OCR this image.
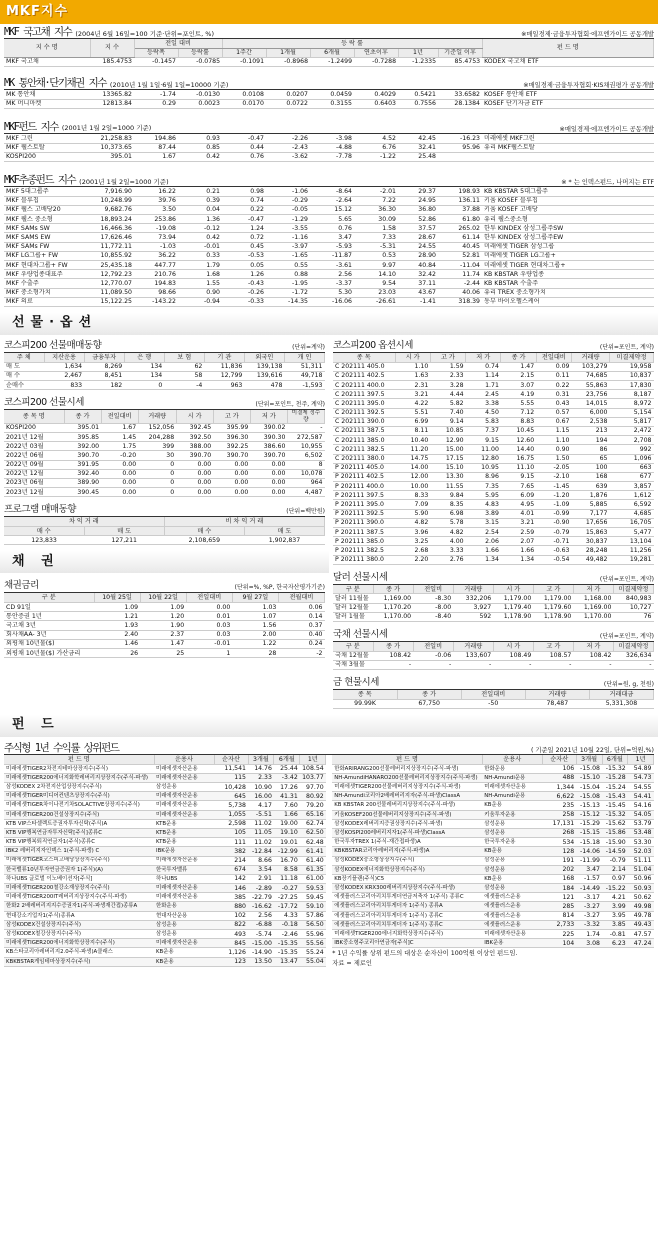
MKF지수
MKF 국고채 지수 (2004년 6월 16일=100 기준·단위=포인트, %)	※매일경제·금융투자협회·에프엔가이드 공동개발
지 수 명	지 수	전일 대비		등 락 률						펀 드 명
		등락폭	등락률	1주간	1개월	6개월	연초이후	1년	기준일 이후	
MKF 국고채	185.4753	-0.1457	-0.0785	-0.1091	-0.8968	-1.2499	-0.7288	-1.2335	85.4753	KODEX 국고채 ETF
MK 통안채·단기채권 지수 (2010년 1월 1일·6월 1일=10000 기준)	※매일경제·금융투자협회·KIS채권평가 공동개발
MK 통안채	13365.82	-1.74	-0.0130	0.0108	0.0207	0.0459	0.4029	0.5421	33.6582	KOSEF 통안채 ETF
MK 머니마켓	12813.84	0.29	0.0023	0.0170	0.0722	0.3155	0.6403	0.7556	28.1384	KOSEF 단기자금 ETF
MKF펀드 지수 (2001년 1월 2일=1000 기준)	※매일경제·에프엔가이드 공동개발
MKF 그린	21,258.83	194.86	0.93	-0.47	-2.26	-3.98	4.52	42.45	-16.23	미래에셋 MKF그린
MKF 웰스토탈	10,373.65	87.44	0.85	0.44	-2.43	-4.88	6.76	32.41	95.96	유리 MKF웰스토탈
KOSPI200	395.01	1.67	0.42	0.76	-3.62	-7.78	-1.22	25.48		
MKF추종펀드 지수 (2001년 1월 2일=1000 기준)	※ * 는 인덱스펀드, 나머지는 ETF
MKF 5대그룹주	7,916.90	16.22	0.21	0.98	-1.06	-8.64	-2.01	29.37	198.93	KB KBSTAR 5대그룹주
MKF 블루칩	10,248.99	39.76	0.39	0.74	-0.29	-2.64	7.22	24.95	136.11	키움 KOSEF 블루칩
MKF 웰스 고배당20	9,682.76	3.50	0.04	0.22	-0.05	15.12	36.30	36.80	37.88	키움 KOSEF 고배당
MKF 웰스 중소형	18,893.24	253.86	1.36	-0.47	-1.29	5.65	30.09	52.86	61.80	유리 웰스중소형
MKF SAMs SW	16,466.36	-19.08	-0.12	1.24	-3.55	0.76	1.58	37.57	265.02	한투 KINDEX 삼성그룹주SW
MKF SAMS EW	17,626.46	73.94	0.42	0.72	-1.16	3.47	7.33	28.67	61.14	한투 KINDEX 삼성그룹주EW
MKF SAMs FW	11,772.11	-1.03	-0.01	0.45	-3.97	-5.93	-5.31	24.55	40.45	미래에셋 TIGER 삼성그룹
MKF LG그룹+ FW	10,855.92	36.22	0.33	-0.53	-1.65	-11.87	0.53	28.90	52.81	미래에셋 TIGER LG그룹+
MKF 현대차그룹+ FW	25,435.18	447.77	1.79	0.05	0.55	-3.61	9.97	40.84	-11.04	미래에셋 TIGER 현대차그룹+
MKF 우량업종대표주	12,792.23	210.76	1.68	1.26	0.88	2.56	14.10	32.42	11.74	KB KBSTAR 우량업종
MKF 수출주	12,770.07	194.83	1.55	-0.43	-1.95	-3.37	9.54	37.11	-2.44	KB KBSTAR 수출주
MKF 중소형가치	11,089.50	98.66	0.90	-0.26	-1.72	5.30	23.03	43.67	40.06	유리 TREX 중소형가치
MKF 의료	15,122.25	-143.22	-0.94	-0.33	-14.35	-16.06	-26.61	-1.41	318.39	동부 바이오헬스케어
선물·옵션
코스피200 선물매매동향	(단위=계약)
주 체	지산운용	금융투자	은 행	보 험	기 관	외국인	개 인
매 도	1,634	8,269	134	62	11,836	139,138	51,311
매 수	2,467	8,451	134	58	12,799	139,616	49,718
순매수	833	182	0	-4	963	478	-1,593
코스피200 선물시세	(단위=포인트, 천주, 계약)
종 목 명	종 가	전일대비	거래량	시 가	고 가	저 가	미결제 정수량
KOSPI200	395.01	1.67	152,056	392.45	395.99	390.02	-
2021년 12월	395.85	1.45	204,288	392.50	396.30	390.30	272,587
2022년 03월	392.00	1.75	399	388.00	392.25	386.60	10,955
2022년 06월	390.70	-0.20	30	390.70	390.70	390.70	6,502
2022년 09월	391.95	0.00	0	0.00	0.00	0.00	8
2022년 12월	392.40	0.00	0	0.00	0.00	0.00	10,078
2023년 06월	389.90	0.00	0	0.00	0.00	0.00	964
2023년 12월	390.45	0.00	0	0.00	0.00	0.00	4,487
프로그램 매매동향	(단위=백만원)
차 익 거 래		비 차 익 거 래	
매 수	매 도	매 수	매 도
123,833	127,211	2,108,659	1,902,837
채 권
채권금리	(단위=%, %P, 한국자산평가기준)
구 분	10월 25일	10월 22일	전일대비	9월 27일	전월대비
CD 91일	1.09	1.09	0.00	1.03	0.06
통안증권 1년	1.21	1.20	0.01	1.07	0.14
국고채 3년	1.93	1.90	0.03	1.56	0.37
회사채AA- 3년	2.40	2.37	0.03	2.00	0.40
외평채 10년물($)	1.46	1.47	-0.01	1.22	0.24
외평채 10년물($) 가산금리	26	25	1	28	-2
코스피200 옵션시세	(단위=포인트, 계약)
종 목	시 가	고 가	저 가	종 가	전일대비	거래량	미결제약정
C 202111 405.0	1.10	1.59	0.74	1.47	0.09	103,279	19,958
C 202111 402.5	1.63	2.33	1.14	2.15	0.11	74,685	10,837
C 202111 400.0	2.31	3.28	1.71	3.07	0.22	55,863	17,830
C 202111 397.5	3.21	4.44	2.45	4.19	0.31	23,756	8,187
C 202111 395.0	4.22	5.82	3.38	5.55	0.43	14,015	8,972
C 202111 392.5	5.51	7.40	4.50	7.12	0.57	6,000	5,154
C 202111 390.0	6.99	9.14	5.83	8.83	0.67	2,538	5,817
C 202111 387.5	8.11	10.85	7.37	10.45	1.15	213	2,472
C 202111 385.0	10.40	12.90	9.15	12.60	1.10	194	2,708
C 202111 382.5	11.20	15.00	11.00	14.40	0.90	86	992
C 202111 380.0	14.75	17.15	12.80	16.75	1.50	65	1,096
P 202111 405.0	14.00	15.10	10.95	11.10	-2.05	100	663
P 202111 402.5	12.00	13.30	8.96	9.15	-2.10	168	677
P 202111 400.0	10.00	11.55	7.35	7.65	-1.45	639	3,857
P 202111 397.5	8.33	9.84	5.95	6.09	-1.20	1,876	1,612
P 202111 395.0	7.09	8.35	4.83	4.95	-1.09	5,885	6,592
P 202111 392.5	5.90	6.98	3.89	4.01	-0.99	7,177	4,685
P 202111 390.0	4.82	5.78	3.15	3.21	-0.90	17,656	16,705
P 202111 387.5	3.96	4.82	2.54	2.59	-0.79	15,863	5,477
P 202111 385.0	3.25	4.00	2.06	2.07	-0.71	30,837	13,104
P 202111 382.5	2.68	3.33	1.66	1.66	-0.63	28,248	11,256
P 202111 380.0	2.20	2.76	1.34	1.34	-0.54	49,482	19,281
달러 선물시세	(단위=포인트, 계약)
구 분	종 가	전일비	거래량	시 가	고 가	저 가	미결제약정
달러 11월물	1,169.00	-8.30	332,206	1,179.00	1,179.00	1,168.00	840,983
달러 12월물	1,170.20	-8.00	3,927	1,179.40	1,179.60	1,169.00	10,727
달러 1월물	1,170.00	-8.40	592	1,178.90	1,178.90	1,170.00	76
국채 선물시세	(단위=포인트, 계약)
구 분	종 가	전일비	거래량	시 가	고 가	저 가	미결제약정
국채 12월물	108.42	-0.06	133,607	108.49	108.57	108.42	326,634
국채 3월물	-	-	-	-	-	-	-
금 현물시세	(단위=원, g, 천원)
종 목	종 가	전일대비	거래량	거래대금
99.99K	67,750	-50	78,487	5,331,308
펀 드
주식형 1년 수익률 상위펀드	( 기준일 2021년 10월 22일, 단위=억원,%)
펀 드 명	운용사	순자산	3개월	6개월	1년
미래에셋TIGER2차전지테마상장지수(주식)	미래에셋자산운용	11,541	14.76	25.44	108.54
미래에셋TIGER200에너지화학레버리지상장지수(주식-파생)	미래에셋자산운용	115	2.33	-3.42	103.77
삼성KODEX 2차전지산업상장지수(주식)	삼성운용	10,428	10.90	17.26	97.70
미래에셋TIGER미디어컨텐츠상장지수(주식)	미래에셋자산운용	645	16.00	41.31	80.92
미래에셋TIGER차이나전기차SOLACTIVE상장지수(주식)	미래에셋자산운용	5,738	4.17	7.60	79.20
미래에셋TIGER200건설상장지수(주식)	미래에셋자산운용	1,055	-5.51	1.66	65.16
KTB VIP스타셀렉트증권자투자신탁(주식)A	KTB운용	2,598	11.02	19.00	62.74
KTB VIP행복연금자투자신탁[주식]종류C	KTB운용	105	11.05	19.10	62.50
KTB VIP행복퇴직연금자1(주식)종류C	KTB운용	111	11.02	19.01	62.48
IBK2 레버리지자인덱스 1(주식-파생) C	IBK운용	382	-12.84	-12.99	61.41
미래에셋TIGER코스피고배당상장지수(주식)	미래에셋자산운용	214	8.66	16.70	61.40
한국밸류10년투자연금증권자 1(주식)(A)	한국투자밸류	674	3.54	8.58	61.35
하나UBS 글로벌 이노베이션자[주식]	하나UBS	142	2.91	11.18	61.00
미래에셋TIGER200철강소재상장지수(주식)	미래에셋자산운용	146	-2.89	-0.27	59.53
미래에셋TIGER200IT레버리지상장지수(주식-파생)	미래에셋자산운용	385	-22.79	-27.25	59.45
한화2 2배레버리지지수증권자1(주식-파생재간접)종류A	한화운용	880	-16.62	-17.72	59.10
현대강소기업자1(주식)종류A	현대자산운용	102	2.56	4.33	57.86
삼성KODEX건설상장지수(주식)	삼성운용	822	-6.88	-0.18	56.50
삼성KODEX철강상장지수(주식)	삼성운용	493	-5.74	-2.46	55.96
미래에셋TIGER200에너지화학상장지수(주식)	미래에셋자산운용	845	-15.00	-15.35	55.56
KB스타코리아레버리지2.0주식-파생)A클래스	KB운용	1,126	-14.90	-15.35	55.24
KBKBSTAR게임테마상장지수(주식)	KB운용	123	13.50	13.47	55.04
펀 드 명	운용사	순자산	3개월	6개월	1년
한화ARIRANG200선물레버리지상장지수(주식-파생)	한화운용	106	-15.08	-15.32	54.89
NH-AmundiHANARO200선물레버리지상장지수(주식-파생)	NH-Amundi운용	488	-15.10	-15.28	54.73
미래에셋TIGER200선물레버리지상장지수(주식-파생)	미래에셋자산운용	1,344	-15.04	-15.24	54.55
NH-Amundi코리아2배레버리지자(주식-파생)ClassA	NH-Amundi운용	6,622	-15.08	-15.43	54.41
KB KBSTAR 200선물레버리지상장지수(주식-파생)	KB운용	235	-15.13	-15.45	54.16
키움KOSEF200선물레버리지상장지수(주식-파생)	키움투자운용	258	-15.12	-15.32	54.05
삼성KODEX레버리지증권상장지수(주식-파생)	삼성운용	17,131	-15.29	-15.62	53.79
삼성KOSPI200레버리지자1(주식-파생)ClassA	삼성운용	268	-15.15	-15.86	53.48
한국투자TREX 1(주식-재간접파생)A	한국투자운용	534	-15.18	-15.90	53.30
KBKBSTAR코리아레버리지(주식-파생)A	KB운용	128	-14.06	-14.59	52.03
삼성KODEX중소형상장지수(주식)	삼성운용	191	-11.99	-0.79	51.11
삼성KODEX에너지화학상장지수(주식)	삼성운용	202	3.47	2.14	51.04
KB장기플랜(주식)C5	KB운용	168	-1.57	0.97	50.96
삼성KODEX KRX300레버리지상장지수(주식-파생)	삼성운용	184	-14.49	-15.22	50.93
에셋플러스코리아리치투게더연금저축자 1(주식) 종류C	에셋플러스운용	121	-3.17	4.21	50.62
에셋플러스코리아리치투게더자 1(주식) 종류A	에셋플러스운용	285	-3.27	3.99	49.98
에셋플러스코리아리치투게더자 1(주식) 종류C	에셋플러스운용	814	-3.27	3.95	49.78
에셋플러스코리아리치투게더자 1(주식) 종류C	에셋플러스운용	2,733	-3.32	3.85	49.43
미래에셋TIGER200에너지화학상장지수(주식)	미래에셋자산운용	225	1.74	-0.81	47.57
IBK중소형주코리아연금자[주식]C	IBK운용	104	3.08	6.23	47.24
* 1년 수익률 상위 펀드의 대상은 순자산이 100억원 이상인 펀드임.
자료 = 제로인
